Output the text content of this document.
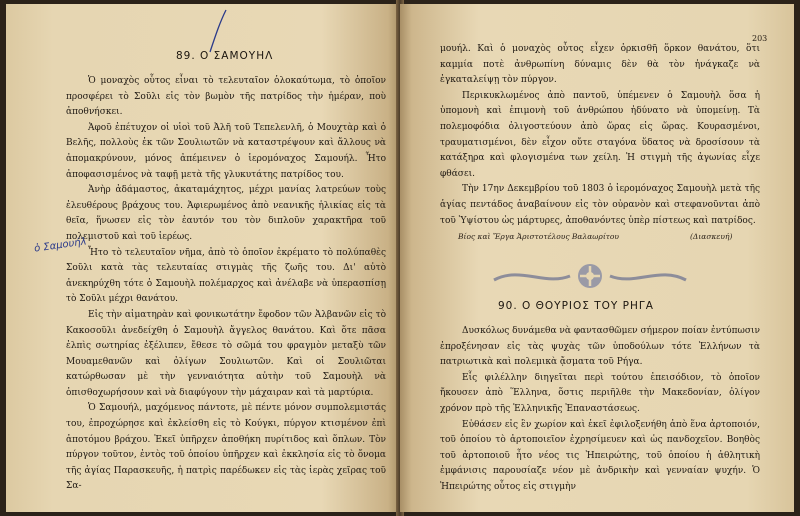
89. Ο ΣΑΜΟΥΗΛ

Ὁ μοναχὸς οὗτος εἶναι τὸ τελευταῖον ὁλοκαύτωμα, τὸ ὁποῖον προσφέρει τὸ Σοῦλι εἰς τὸν βωμὸν τῆς πατρίδος τὴν ἡμέραν, ποὺ ἀποθνήσκει.

Ἀφοῦ ἐπέτυχον οἱ υἱοὶ τοῦ Ἀλῆ τοῦ Τεπελενλῆ, ὁ Μουχτὰρ καὶ ὁ Βελῆς, πολλοὺς ἐκ τῶν Σουλιωτῶν νὰ καταστρέψουν καὶ ἄλλους νὰ ἀπομακρύνουν, μόνος ἀπέμεινεν ὁ ἱερομόναχος Σαμουήλ. Ἦτο ἀποφασισμένος νὰ ταφῇ μετὰ τῆς γλυκυτάτης πατρίδος του.

Ἀνὴρ ἀδάμαστος, ἀκαταμάχητος, μέχρι μανίας λατρεύων τοὺς ἐλευθέρους βράχους του. Ἀφιερωμένος ἀπὸ νεανικῆς ἡλικίας εἰς τὰ θεῖα, ἥνωσεν εἰς τὸν ἑαυτόν του τὸν διπλοῦν χαρακτῆρα τοῦ πολεμιστοῦ καὶ τοῦ ἱερέως.

Ἦτο τὸ τελευταῖον νῆμα, ἀπὸ τὸ ὁποῖον ἐκρέματο τὸ πολύπαθὲς Σοῦλι κατὰ τὰς τελευταίας στιγμὰς τῆς ζωῆς του. Δι' αὐτὸ ἀνεκηρύχθη τότε ὁ Σαμουὴλ πολέμαρχος καὶ ἀνέλαβε νὰ ὑπερασπίσῃ τὸ Σοῦλι μέχρι θανάτου.

Εἰς τὴν αἱματηρὰν καὶ φονικωτάτην ἔφοδον τῶν Ἀλβανῶν εἰς τὸ Κακοσοῦλι ἀνεδείχθη ὁ Σαμουὴλ ἄγγελος θανάτου. Καὶ ὅτε πᾶσα ἐλπὶς σωτηρίας ἐξέλιπεν, ἔθεσε τὸ σῶμά του φραγμὸν μεταξὺ τῶν Μουαμεθανῶν καὶ ὀλίγων Σουλιωτῶν. Καὶ οἱ Σουλιῶται κατώρθωσαν μὲ τὴν γενναιότητα αὐτὴν τοῦ Σαμουὴλ νὰ ὀπισθοχωρήσουν καὶ νὰ διαφύγουν τὴν μάχαιραν καὶ τὰ μαρτύρια.

Ὁ Σαμουήλ, μαχόμενος πάντοτε, μὲ πέντε μόνον συμπολεμιστάς του, ἐπροχώρησε καὶ ἐκλείσθη εἰς τὸ Κούγκι, πύργον κτισμένον ἐπὶ ἀποτόμου βράχου. Ἐκεῖ ὑπῆρχεν ἀποθήκη πυρίτιδος καὶ ὅπλων. Τὸν πύργον τοῦτον, ἐντὸς τοῦ ὁποίου ὑπῆρχεν καὶ ἐκκλησία εἰς τὸ ὄνομα τῆς ἁγίας Παρασκευῆς, ἡ πατρὶς παρέδωκεν εἰς τὰς ἱερὰς χεῖρας τοῦ Σα-

ὁ Σαμουήλ
203

μουήλ. Καὶ ὁ μοναχὸς οὗτος εἶχεν ὁρκισθῆ ὅρκον θανάτου, ὅτι καμμία ποτὲ ἀνθρωπίνη δύναμις δὲν θὰ τὸν ἠνάγκαζε νὰ ἐγκαταλείψῃ τὸν πύργον.

Περικυκλωμένος ἀπὸ παντοῦ, ὑπέμενεν ὁ Σαμουὴλ ὅσα ἡ ὑπομονὴ καὶ ἐπιμονὴ τοῦ ἀνθρώπου ἠδύνατο νὰ ὑπομείνῃ. Τὰ πολεμοφόδια ὀλιγοστεύουν ἀπὸ ὥρας εἰς ὥρας. Κουρασμένοι, τραυματισμένοι, δὲν εἶχον οὔτε σταγόνα ὕδατος νὰ δροσίσουν τὰ κατάξηρα καὶ φλογισμένα των χείλη. Ἡ στιγμὴ τῆς ἀγωνίας εἶχε φθάσει.

Τὴν 17ην Δεκεμβρίου τοῦ 1803 ὁ ἱερομόναχος Σαμουὴλ μετὰ τῆς ἁγίας πεντάδος ἀναβαίνουν εἰς τὸν οὐρανὸν καὶ στεφανοῦνται ἀπὸ τοῦ Ὑψίστου ὡς μάρτυρες, ἀποθανόντες ὑπὲρ πίστεως καὶ πατρίδος.

Βίος καὶ Ἔργα Ἀριστοτέλους Βαλαωρίτου	(Διασκευή)
90. Ο ΘΟΥΡΙΟΣ ΤΟΥ ΡΗΓΑ

Δυσκόλως δυνάμεθα νὰ φαντασθῶμεν σήμερον ποίαν ἐντύπωσιν ἐπροξένησαν εἰς τὰς ψυχὰς τῶν ὑποδούλων τότε Ἑλλήνων τὰ πατριωτικὰ καὶ πολεμικὰ ᾄσματα τοῦ Ρήγα.

Εἷς φιλέλλην διηγεῖται περὶ τούτου ἐπεισόδιον, τὸ ὁποῖον ἤκουσεν ἀπὸ Ἕλληνα, ὅστις περιῆλθε τὴν Μακεδονίαν, ὀλίγον χρόνον πρὸ τῆς Ἑλληνικῆς Ἐπαναστάσεως.

Εὑθάσεν εἰς ἓν χωρίον καὶ ἐκεῖ ἐφιλοξενήθη ἀπὸ ἕνα ἀρτοποιόν, τοῦ ὁποίου τὸ ἀρτοποιεῖον ἐχρησίμευεν καὶ ὡς πανδοχεῖον. Βοηθὸς τοῦ ἀρτοποιοῦ ἦτο νέος τις Ἠπειρώτης, τοῦ ὁποίου ἡ ἀθλητικὴ ἐμφάνισις παρουσίαζε νέον μὲ ἀνδρικὴν καὶ γενναίαν ψυχήν. Ὁ Ἠπειρώτης οὗτος εἰς στιγμὴν
